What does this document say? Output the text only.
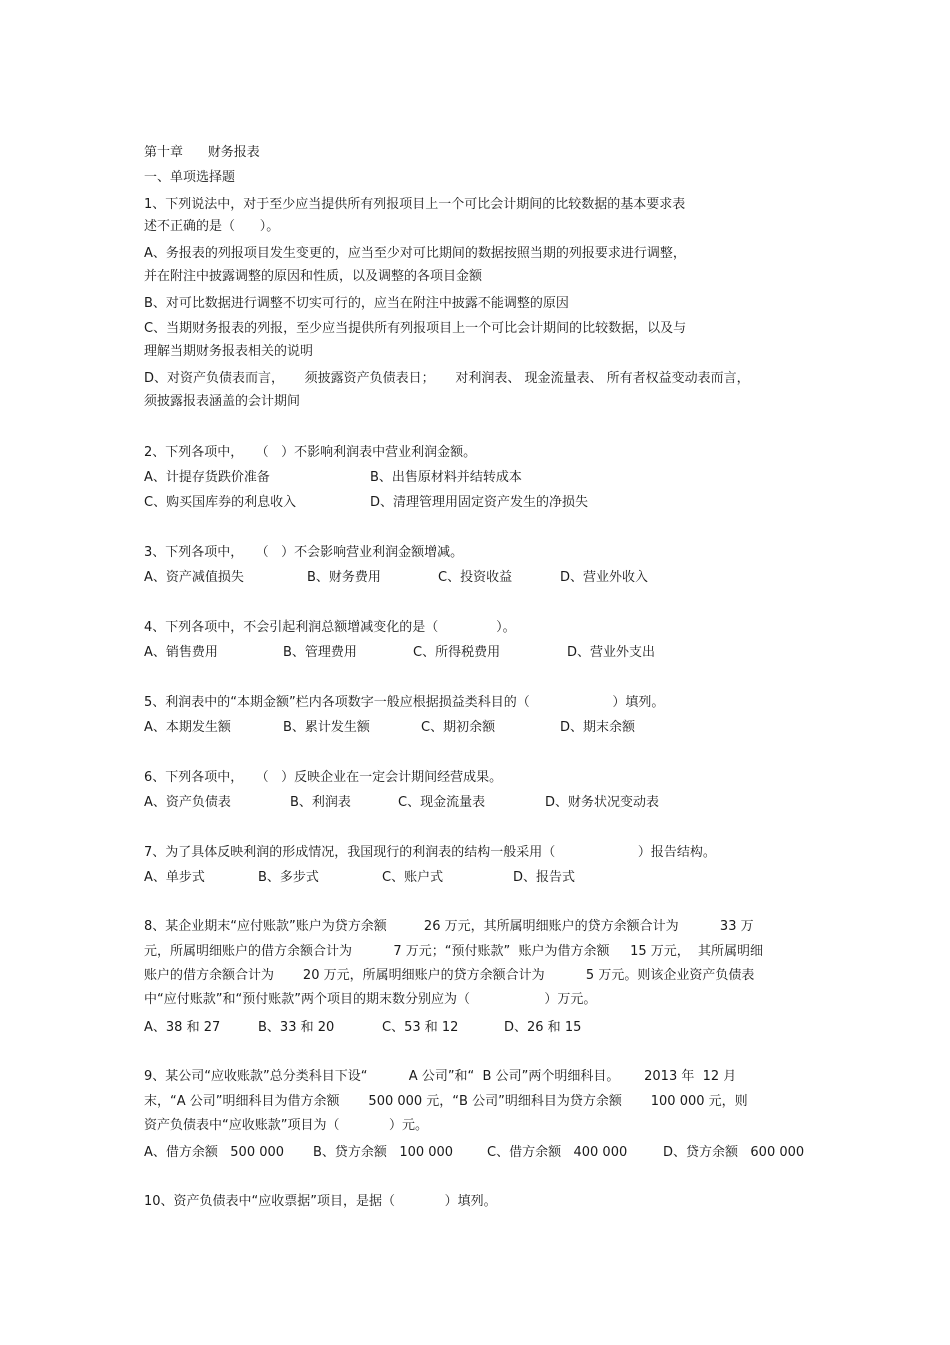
第十章      财务报表
一、单项选择题
1、下列说法中，对于至少应当提供所有列报项目上一个可比会计期间的比较数据的基本要求表
述不正确的是（      ）。
A、务报表的列报项目发生变更的，应当至少对可比期间的数据按照当期的列报要求进行调整，
并在附注中披露调整的原因和性质，以及调整的各项目金额
B、对可比数据进行调整不切实可行的，应当在附注中披露不能调整的原因
C、当期财务报表的列报，至少应当提供所有列报项目上一个可比会计期间的比较数据，以及与
理解当期财务报表相关的说明
D、对资产负债表而言，     须披露资产负债表日；     对利润表、 现金流量表、 所有者权益变动表而言，
须披露报表涵盖的会计期间
2、下列各项中，   （   ）不影响利润表中营业利润金额。
A、计提存货跌价准备	B、出售原材料并结转成本
C、购买国库券的利息收入	D、清理管理用固定资产发生的净损失
3、下列各项中，   （   ）不会影响营业利润金额增减。
A、资产减值损失	B、财务费用	C、投资收益	D、营业外收入
4、下列各项中，不会引起利润总额增减变化的是（              ）。
A、销售费用	B、管理费用	C、所得税费用	D、营业外支出
5、利润表中的“本期金额”栏内各项数字一般应根据损益类科目的（                    ）填列。
A、本期发生额	B、累计发生额	C、期初余额	D、期末余额
6、下列各项中，   （   ）反映企业在一定会计期间经营成果。
A、资产负债表	B、利润表	C、现金流量表	D、财务状况变动表
7、为了具体反映利润的形成情况，我国现行的利润表的结构一般采用（                    ）报告结构。
A、单步式	B、多步式	C、账户式	D、报告式
8、某企业期末“应付账款”账户为贷方余额         26 万元，其所属明细账户的贷方余额合计为          33 万
元，所属明细账户的借方余额合计为          7 万元；“预付账款”  账户为借方余额     15 万元，  其所属明细
账户的借方余额合计为       20 万元，所属明细账户的贷方余额合计为          5 万元。则该企业资产负债表
中“应付账款”和“预付账款”两个项目的期末数分别应为（                  ）万元。
A、38 和 27	B、33 和 20	C、53 和 12	D、26 和 15
9、某公司“应收账款”总分类科目下设“          A 公司”和“  B 公司”两个明细科目。      2013 年  12 月
末，“A 公司”明细科目为借方余额       500 000 元，“B 公司”明细科目为贷方余额       100 000 元，则
资产负债表中“应收账款”项目为（            ）元。
A、借方余额   500 000 B、贷方余额   100 000	C、借方余额   400 000	D、贷方余额   600 000
10、资产负债表中“应收票据”项目，是据（            ）填列。
